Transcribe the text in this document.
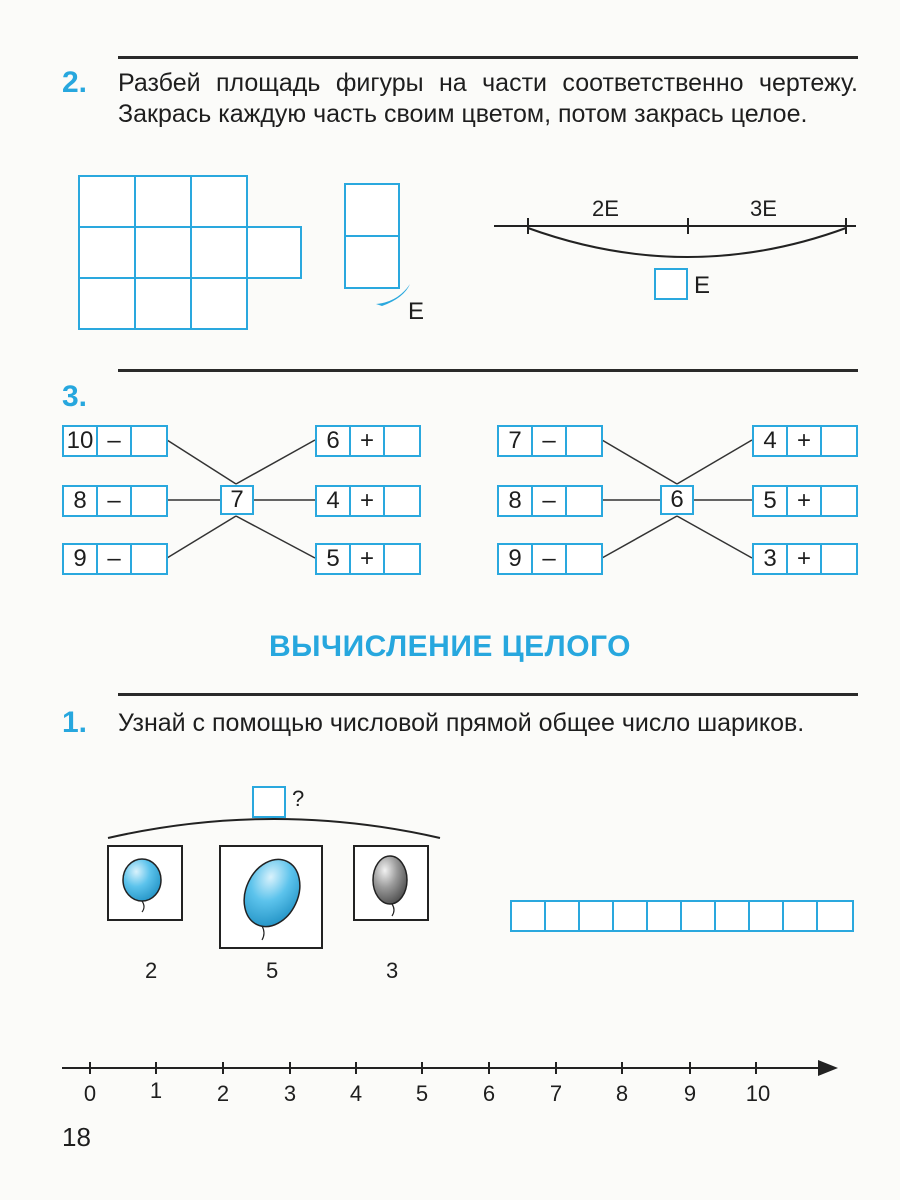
2. Разбей площадь фигуры на части соответственно чертежу. Закрась каждую часть своим цветом, потом закрась целое.
Е
2Е	3Е
Е
3.
10 –
8 –
9 –
7
6 +
4 +
5 +
7 –
8 –
9 –
6
4 +
5 +
3 +
ВЫЧИСЛЕНИЕ ЦЕЛОГО
1. Узнай с помощью числовой прямой общее число шариков.
?
2	5	3
0	1	2	3	4	5	6	7	8	9	10
18
